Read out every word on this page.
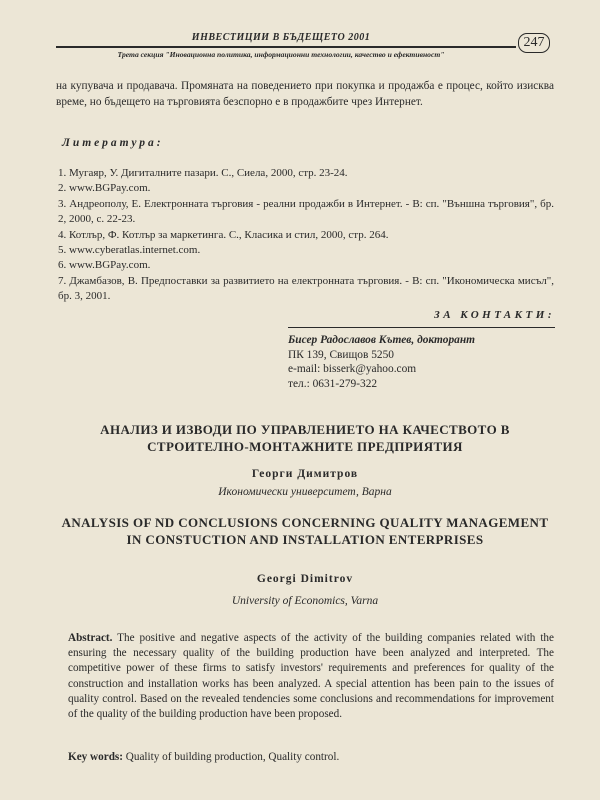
ИНВЕСТИЦИИ В БЪДЕЩЕТО 2001
Трета секция "Иновационна политика, информационни технологии, качество и ефективност"
247
на купувача и продавача. Промяната на поведението при покупка и продажба е процес, който изисква време, но бъдещето на търговията безспорно е в продажбите чрез Интернет.
Литература:
1. Мугаяр, У. Дигиталните пазари. С., Сиела, 2000, стр. 23-24.
2. www.BGPay.com.
3. Андреополу, Е. Електронната търговия - реални продажби в Интернет. - В: сп. "Външна търговия", бр. 2, 2000, с. 22-23.
4. Котлър, Ф. Котлър за маркетинга. С., Класика и стил, 2000, стр. 264.
5. www.cyberatlas.internet.com.
6. www.BGPay.com.
7. Джамбазов, В. Предпоставки за развитието на електронната търговия. - В: сп. "Икономическа мисъл", бр. 3, 2001.
ЗА КОНТАКТИ:
Бисер Радославов Кътев, докторант
ПК 139, Свищов 5250
e-mail: bisserk@yahoo.com
тел.: 0631-279-322
АНАЛИЗ И ИЗВОДИ ПО УПРАВЛЕНИЕТО НА КАЧЕСТВОТО В СТРОИТЕЛНО-МОНТАЖНИТЕ ПРЕДПРИЯТИЯ
Георги Димитров
Икономически университет, Варна
ANALYSIS OF ND CONCLUSIONS CONCERNING QUALITY MANAGEMENT IN CONSTUCTION AND INSTALLATION ENTERPRISES
Georgi Dimitrov
University of Economics, Varna
Abstract. The positive and negative aspects of the activity of the building companies related with the ensuring the necessary quality of the building production have been analyzed and interpreted. The competitive power of these firms to satisfy investors' requirements and preferences for quality of the construction and installation works has been analyzed. A special attention has been pain to the issues of quality control. Based on the revealed tendencies some conclusions and recommendations for improvement of the quality of the building production have been proposed.
Key words: Quality of building production, Quality control.
